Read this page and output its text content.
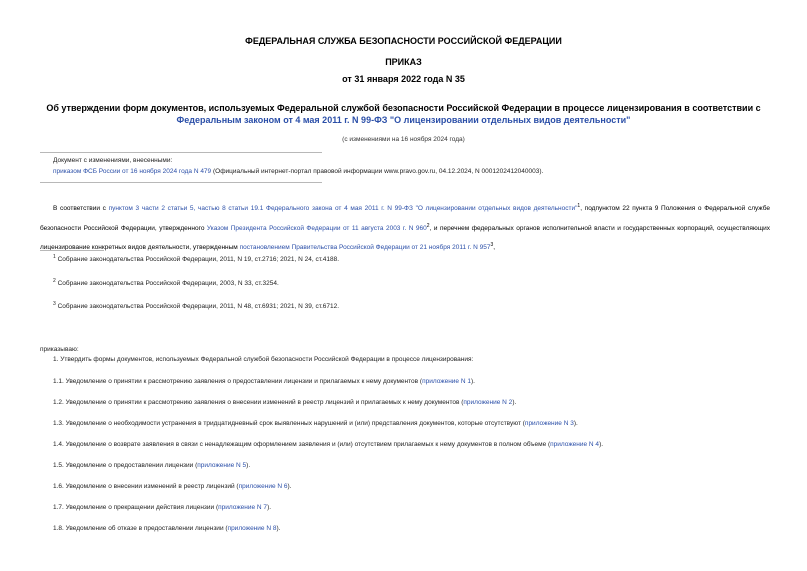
ФЕДЕРАЛЬНАЯ СЛУЖБА БЕЗОПАСНОСТИ РОССИЙСКОЙ ФЕДЕРАЦИИ
ПРИКАЗ
от 31 января 2022 года N 35
Об утверждении форм документов, используемых Федеральной службой безопасности Российской Федерации в процессе лицензирования в соответствии с
Федеральным законом от 4 мая 2011 г. N 99-ФЗ "О лицензировании отдельных видов деятельности"
(с изменениями на 16 ноября 2024 года)
Документ с изменениями, внесенными:
приказом ФСБ России от 16 ноября 2024 года N 479 (Официальный интернет-портал правовой информации www.pravo.gov.ru, 04.12.2024, N 0001202412040003).
В соответствии с пунктом 3 части 2 статьи 5, частью 8 статьи 19.1 Федерального закона от 4 мая 2011 г. N 99-ФЗ "О лицензировании отдельных видов деятельности"$^1$, подпунктом 22 пункта 9 Положения о Федеральной службе безопасности Российской Федерации, утвержденного Указом Президента Российской Федерации от 11 августа 2003 г. N $960^2$, и перечнем федеральных органов исполнительной власти и государственных корпораций, осуществляющих лицензирование конкретных видов деятельности, утвержденным постановлением Правительства Российской Федерации от 21 ноября 2011 г. N $957^3$,
$^1$ Собрание законодательства Российской Федерации, 2011, N 19, ст.2716; 2021, N 24, ст.4188.
$^2$ Собрание законодательства Российской Федерации, 2003, N 33, ст.3254.
$^3$ Собрание законодательства Российской Федерации, 2011, N 48, ст.6931; 2021, N 39, ст.6712.
приказываю:
1. Утвердить формы документов, используемых Федеральной службой безопасности Российской Федерации в процессе лицензирования:
1.1. Уведомление о принятии к рассмотрению заявления о предоставлении лицензии и прилагаемых к нему документов (приложение N 1).
1.2. Уведомление о принятии к рассмотрению заявления о внесении изменений в реестр лицензий и прилагаемых к нему документов (приложение N 2).
1.3. Уведомление о необходимости устранения в тридцатидневный срок выявленных нарушений и (или) представления документов, которые отсутствуют (приложение N 3).
1.4. Уведомление о возврате заявления в связи с ненадлежащим оформлением заявления и (или) отсутствием прилагаемых к нему документов в полном объеме (приложение N 4).
1.5. Уведомление о предоставлении лицензии (приложение N 5).
1.6. Уведомление о внесении изменений в реестр лицензий (приложение N 6).
1.7. Уведомление о прекращении действия лицензии (приложение N 7).
1.8. Уведомление об отказе в предоставлении лицензии (приложение N 8).
